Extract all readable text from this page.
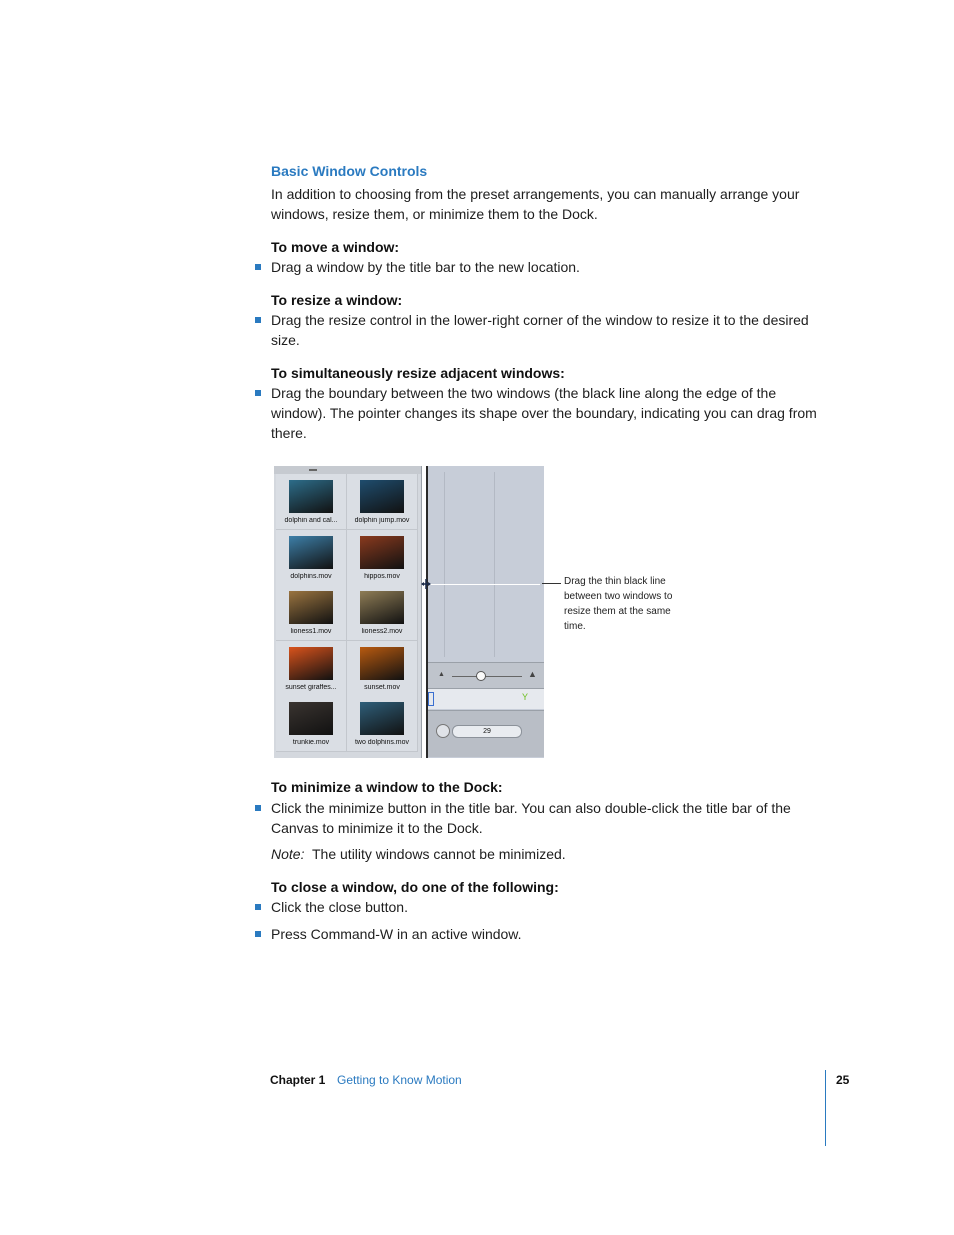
Basic Window Controls
In addition to choosing from the preset arrangements, you can manually arrange your windows, resize them, or minimize them to the Dock.
To move a window:
Drag a window by the title bar to the new location.
To resize a window:
Drag the resize control in the lower-right corner of the window to resize it to the desired size.
To simultaneously resize adjacent windows:
Drag the boundary between the two windows (the black line along the edge of the window). The pointer changes its shape over the boundary, indicating you can drag from there.
dolphin and cal...	dolphin jump.mov
dolphins.mov	hippos.mov
lioness1.mov	lioness2.mov
sunset giraffes...	sunset.mov
trunkie.mov	two dolphins.mov
▲	▲
Y
29
Drag the thin black line between two windows to resize them at the same time.
To minimize a window to the Dock:
Click the minimize button in the title bar. You can also double-click the title bar of the Canvas to minimize it to the Dock.
Note: The utility windows cannot be minimized.
To close a window, do one of the following:
Click the close button.
Press Command-W in an active window.
Chapter 1 Getting to Know Motion	25
